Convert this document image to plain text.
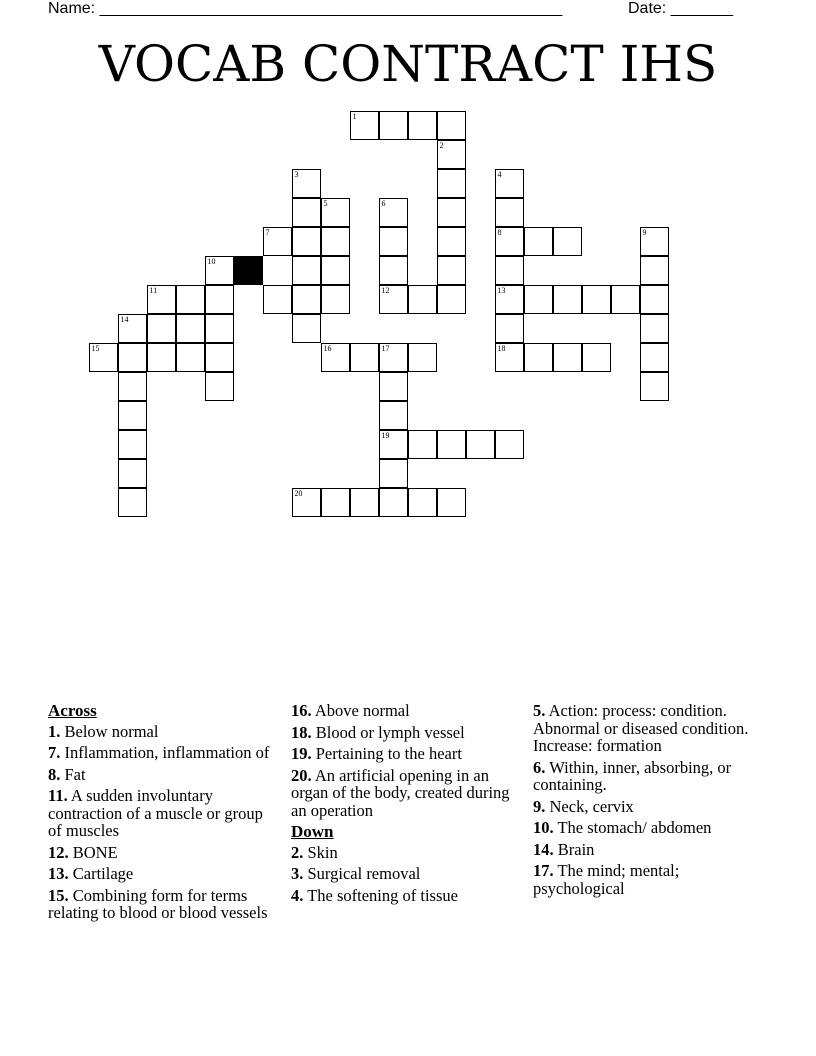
Name: ____________________________________________________	Date: _______
VOCAB CONTRACT IHS
1
2
3	4
8
13
18
5
16
6
12
7	9
10
11
14
15	17
19
20
Across
1. Below normal
7. Inflammation, inflammation of
8. Fat
11. A sudden involuntary contraction of a muscle or group of muscles
12. BONE
13. Cartilage
15. Combining form for terms relating to blood or blood vessels
16. Above normal
18. Blood or lymph vessel
19. Pertaining to the heart
20. An artificial opening in an organ of the body, created during an operation
Down
2. Skin
3. Surgical removal
4. The softening of tissue
5. Action: process: condition. Abnormal or diseased condition. Increase: formation
6. Within, inner, absorbing, or containing.
9. Neck, cervix
10. The stomach/ abdomen
14. Brain
17. The mind; mental; psychological
